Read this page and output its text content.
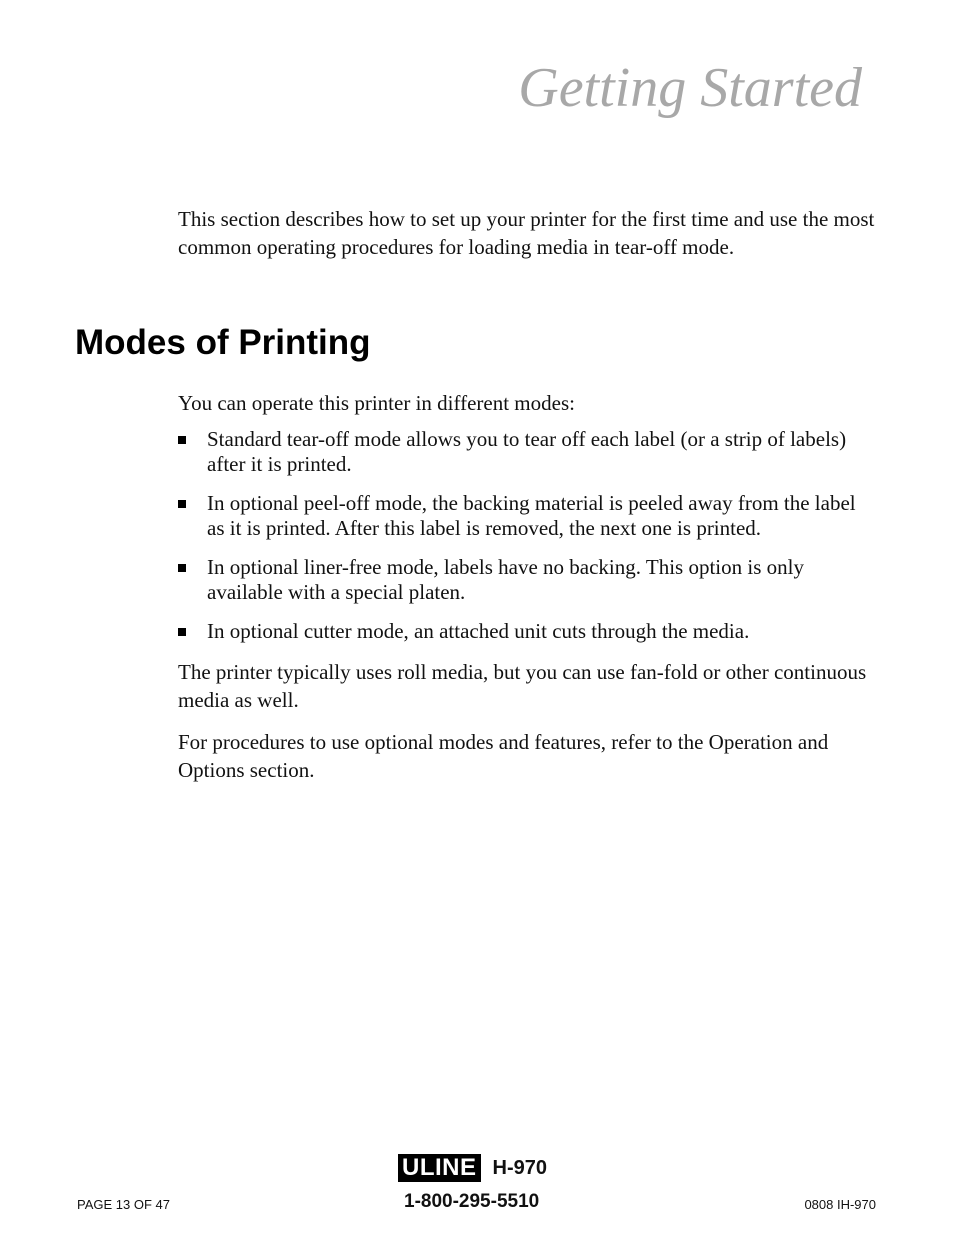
Getting Started

This section describes how to set up your printer for the first time and use the most common operating procedures for loading media in tear-off mode.

Modes of Printing

You can operate this printer in different modes:

Standard tear-off mode allows you to tear off each label (or a strip of labels) after it is printed.
In optional peel-off mode, the backing material is peeled away from the label as it is printed. After this label is removed, the next one is printed.
In optional liner-free mode, labels have no backing. This option is only available with a special platen.
In optional cutter mode, an attached unit cuts through the media.

The printer typically uses roll media, but you can use fan-fold or other continuous media as well.

For procedures to use optional modes and features, refer to the Operation and Options section.

ULINE H-970
1-800-295-5510
PAGE 13 OF 47	0808 IH-970
